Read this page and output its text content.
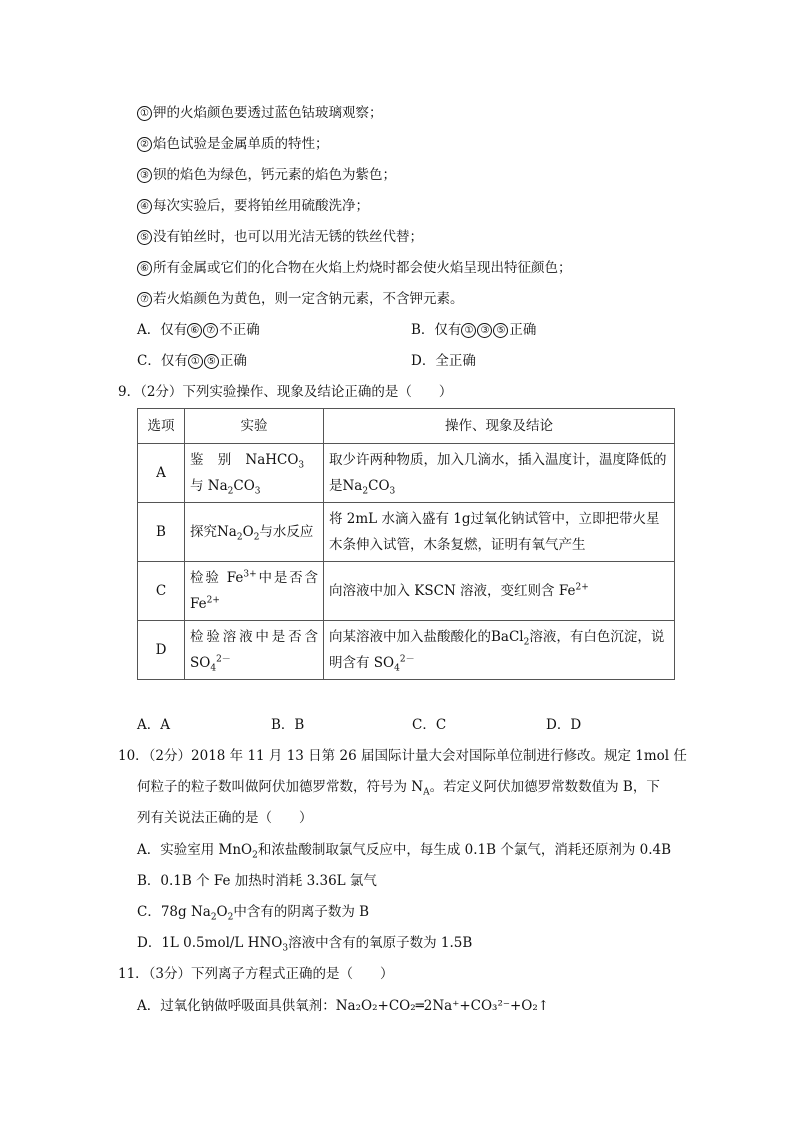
① 钾的火焰颜色要透过蓝色钴玻璃观察；
② 焰色试验是金属单质的特性；
③ 钡的焰色为绿色，钙元素的焰色为紫色；
④ 每次实验后，要将铂丝用硫酸洗净；
⑤ 没有铂丝时，也可以用光洁无锈的铁丝代替；
⑥ 所有金属或它们的化合物在火焰上灼烧时都会使火焰呈现出特征颜色；
⑦ 若火焰颜色为黄色，则一定含钠元素，不含钾元素。
A．仅有 ⑥ ⑦ 不正确	B．仅有 ① ③ ⑤ 正确
C．仅有 ① ⑤ 正确	D．全正确
9．（2分）下列实验操作、现象及结论正确的是（　　）
选项	实验	操作、现象及结论
A	鉴　别　NaHCO$_3$　与 $Na_2CO_3$	取少许两种物质，加入几滴水，插入温度计，温度降低的是$Na_2CO_3$
B	探究$Na_2O_2$与水反应	将 2mL 水滴入盛有 1g过氧化钠试管中，立即把带火星木条伸入试管，木条复燃，证明有氧气产生
C	检验 $Fe^{3+}$中是否含 $Fe^{2+}$	向溶液中加入 KSCN 溶液，变红则含 $Fe^{2+}$
D	检验溶液中是否含 $SO_4^{2-}$	向某溶液中加入盐酸酸化的BaCl$_2$溶液，有白色沉淀，说明含有 $SO_4^{2-}$
A．A	B．B	C．C	D．D
10．（2分）2018 年 11 月 13 日第 26 届国际计量大会对国际单位制进行修改。规定 1mol 任
何粒子的粒子数叫做阿伏加德罗常数，符号为 $N_A$。若定义阿伏加德罗常数数值为 B，下
列有关说法正确的是（　　）
A．实验室用 MnO$_2$和浓盐酸制取氯气反应中，每生成 0.1B 个氯气，消耗还原剂为 0.4B
B．0.1B 个 Fe 加热时消耗 3.36L 氯气
C．78g $Na_2O_2$中含有的阴离子数为 B
D．1L 0.5mol/L $HNO_3$溶液中含有的氧原子数为 1.5B
11．（3分）下列离子方程式正确的是（　　）
A．过氧化钠做呼吸面具供氧剂：Na₂O₂+CO₂═2Na⁺+CO₃²⁻+O₂↑
